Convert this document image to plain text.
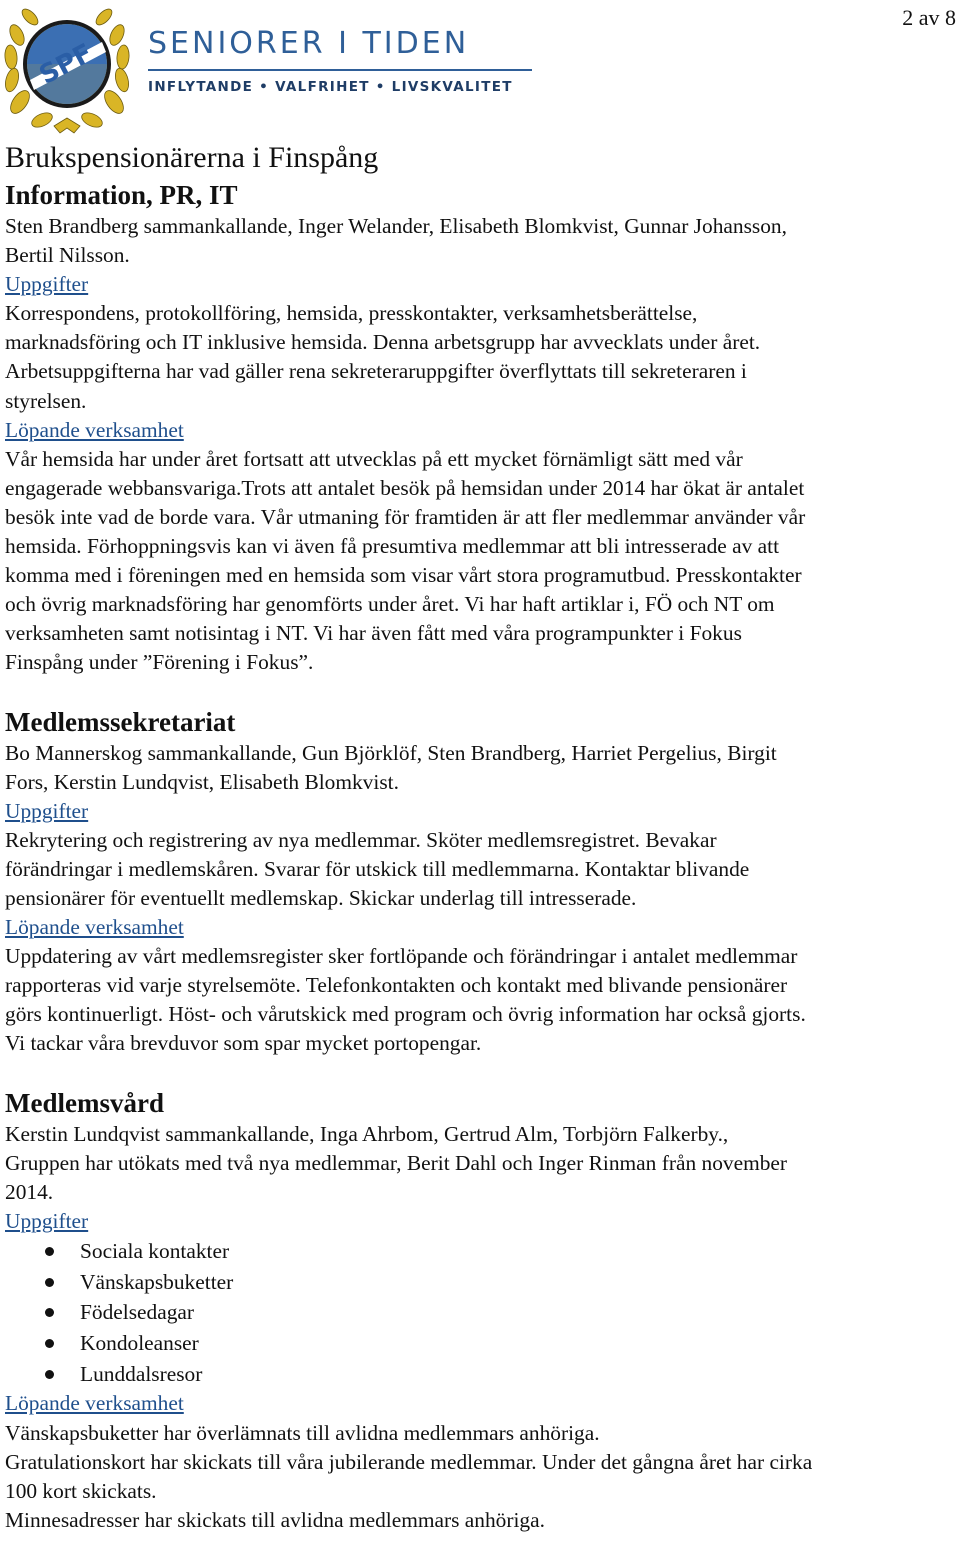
2 av 8
SPF SENIORER I TIDEN
INFLYTANDE • VALFRIHET • LIVSKVALITET
Brukspensionärerna i Finspång
Information, PR, IT

Sten Brandberg sammankallande, Inger Welander, Elisabeth Blomkvist, Gunnar Johansson,

Bertil Nilsson.

Uppgifter

Korrespondens, protokollföring, hemsida, presskontakter, verksamhetsberättelse,

marknadsföring och IT inklusive hemsida. Denna arbetsgrupp har avvecklats under året.

Arbetsuppgifterna har vad gäller rena sekreteraruppgifter överflyttats till sekreteraren i

styrelsen.

Löpande verksamhet

Vår hemsida har under året fortsatt att utvecklas på ett mycket förnämligt sätt med vår

engagerade webbansvariga.Trots att antalet besök på hemsidan under 2014 har ökat är antalet

besök inte vad de borde vara. Vår utmaning för framtiden är att fler medlemmar använder vår

hemsida. Förhoppningsvis kan vi även få presumtiva medlemmar att bli intresserade av att

komma med i föreningen med en hemsida som visar vårt stora programutbud. Presskontakter

och övrig marknadsföring har genomförts under året. Vi har haft artiklar i, FÖ och NT om

verksamheten samt notisintag i NT. Vi har även fått med våra programpunkter i Fokus

Finspång under ”Förening i Fokus”.

Medlemssekretariat

Bo Mannerskog sammankallande, Gun Björklöf, Sten Brandberg, Harriet Pergelius, Birgit

Fors, Kerstin Lundqvist, Elisabeth Blomkvist.

Uppgifter

Rekrytering och registrering av nya medlemmar. Sköter medlemsregistret. Bevakar

förändringar i medlemskåren. Svarar för utskick till medlemmarna. Kontaktar blivande

pensionärer för eventuellt medlemskap. Skickar underlag till intresserade.

Löpande verksamhet

Uppdatering av vårt medlemsregister sker fortlöpande och förändringar i antalet medlemmar

rapporteras vid varje styrelsemöte. Telefonkontakten och kontakt med blivande pensionärer

görs kontinuerligt. Höst- och vårutskick med program och övrig information har också gjorts.

Vi tackar våra brevduvor som spar mycket portopengar.

Medlemsvård

Kerstin Lundqvist sammankallande, Inga Ahrbom, Gertrud Alm, Torbjörn Falkerby.,

Gruppen har utökats med två nya medlemmar, Berit Dahl och Inger Rinman från november

2014.

Uppgifter

Sociala kontakter
Vänskapsbuketter
Födelsedagar
Kondoleanser
Lunddalsresor

Löpande verksamhet

Vänskapsbuketter har överlämnats till avlidna medlemmars anhöriga.

Gratulationskort har skickats till våra jubilerande medlemmar. Under det gångna året har cirka

100 kort skickats.

Minnesadresser har skickats till avlidna medlemmars anhöriga.
